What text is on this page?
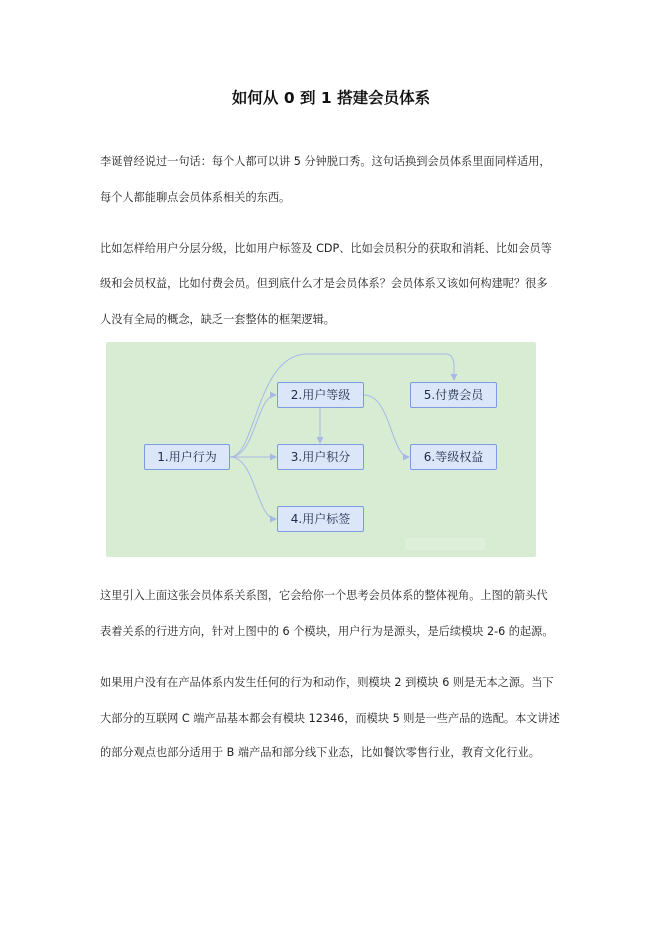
如何从 0 到 1 搭建会员体系

李诞曾经说过一句话：每个人都可以讲 5 分钟脱口秀。这句话换到会员体系里面同样适用，

每个人都能聊点会员体系相关的东西。

比如怎样给用户分层分级，比如用户标签及 CDP、比如会员积分的获取和消耗、比如会员等

级和会员权益，比如付费会员。但到底什么才是会员体系？会员体系又该如何构建呢？很多

人没有全局的概念，缺乏一套整体的框架逻辑。

1.用户行为
2.用户等级
3.用户积分
4.用户标签
5.付费会员
6.等级权益

这里引入上面这张会员体系关系图，它会给你一个思考会员体系的整体视角。上图的箭头代

表着关系的行进方向，针对上图中的 6 个模块，用户行为是源头，是后续模块 2-6 的起源。

如果用户没有在产品体系内发生任何的行为和动作，则模块 2 到模块 6 则是无本之源。当下

大部分的互联网 C 端产品基本都会有模块 12346，而模块 5 则是一些产品的选配。本文讲述

的部分观点也部分适用于 B 端产品和部分线下业态，比如餐饮零售行业，教育文化行业。
